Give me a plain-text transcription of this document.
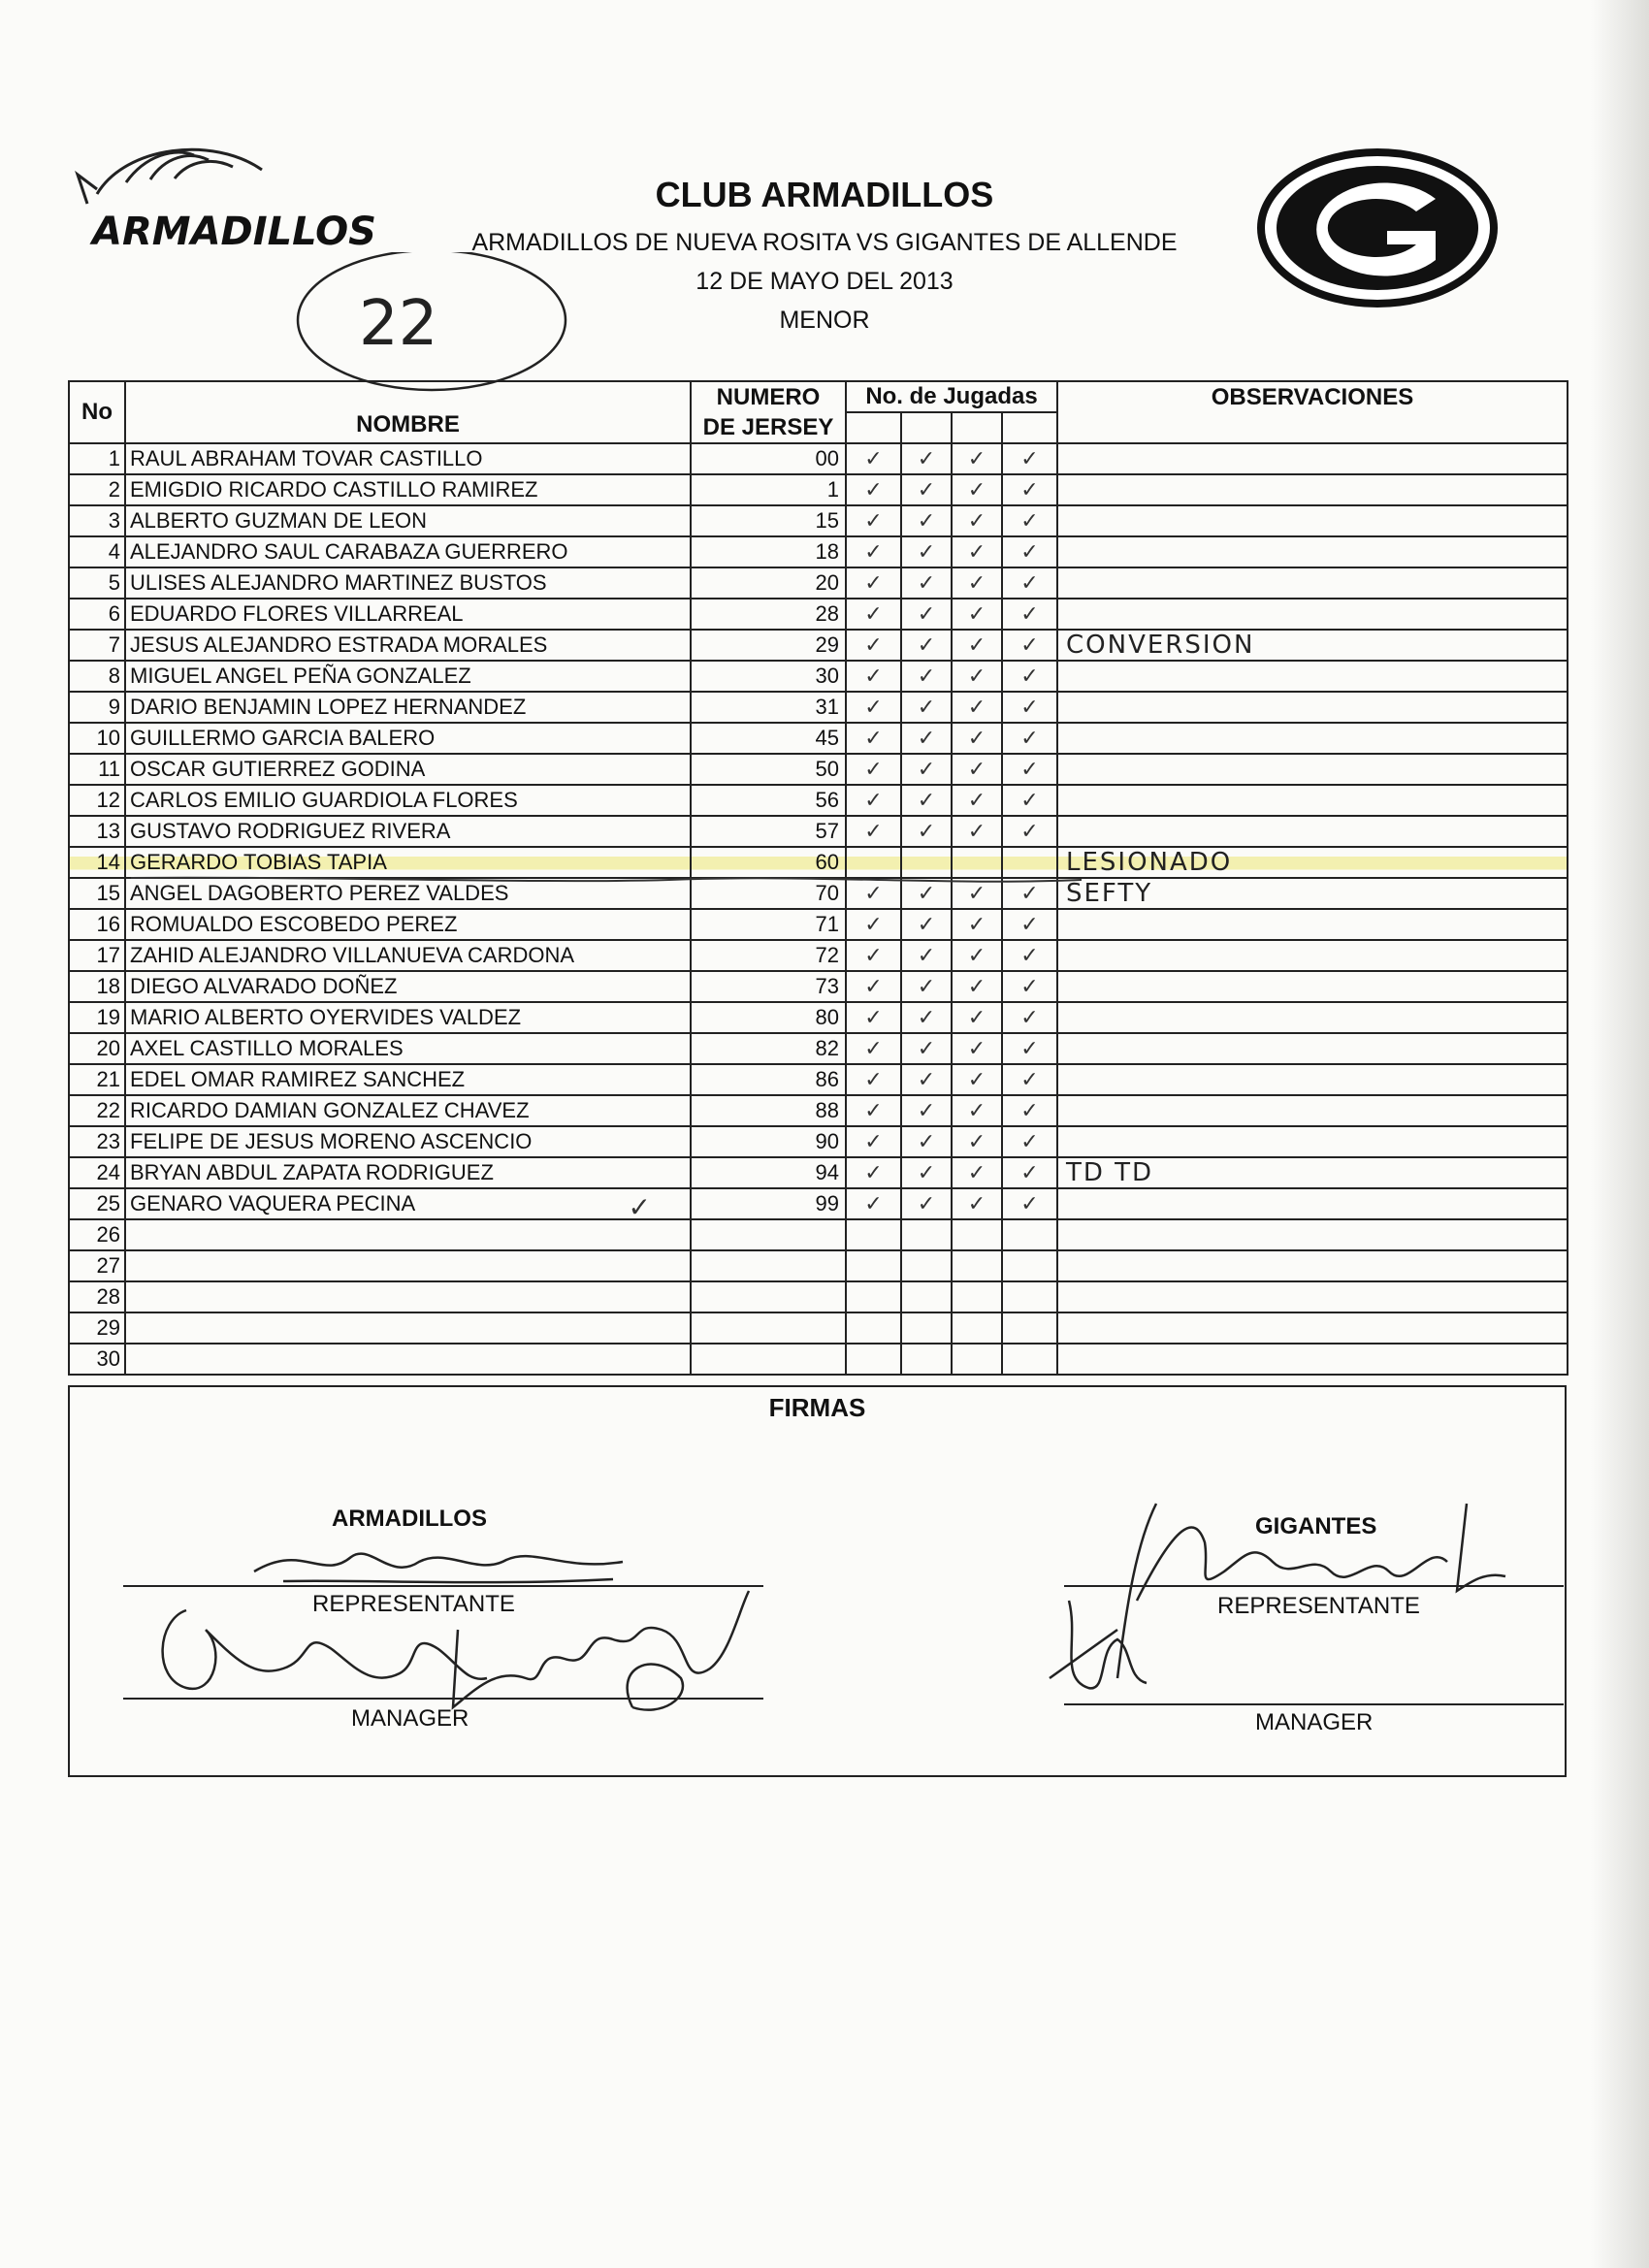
ARMADILLOS
G
CLUB ARMADILLOS
ARMADILLOS DE NUEVA ROSITA VS GIGANTES DE ALLENDE
12 DE MAYO DEL 2013
MENOR
22
No	NOMBRE	NUMERO	No. de Jugadas				OBSERVACIONES
		DE JERSEY					
1	RAUL ABRAHAM TOVAR CASTILLO	00	✓	✓	✓	✓	
2	EMIGDIO RICARDO CASTILLO RAMIREZ	1	✓	✓	✓	✓	
3	ALBERTO GUZMAN DE LEON	15	✓	✓	✓	✓	
4	ALEJANDRO SAUL CARABAZA GUERRERO	18	✓	✓	✓	✓	
5	ULISES ALEJANDRO MARTINEZ BUSTOS	20	✓	✓	✓	✓	
6	EDUARDO FLORES VILLARREAL	28	✓	✓	✓	✓	
7	JESUS ALEJANDRO ESTRADA MORALES	29	✓	✓	✓	✓	CONVERSION
8	MIGUEL ANGEL PEÑA GONZALEZ	30	✓	✓	✓	✓	
9	DARIO BENJAMIN LOPEZ HERNANDEZ	31	✓	✓	✓	✓	
10	GUILLERMO GARCIA BALERO	45	✓	✓	✓	✓	
11	OSCAR GUTIERREZ GODINA	50	✓	✓	✓	✓	
12	CARLOS EMILIO GUARDIOLA FLORES	56	✓	✓	✓	✓	
13	GUSTAVO RODRIGUEZ RIVERA	57	✓	✓	✓	✓	
14	GERARDO TOBIAS TAPIA	60					LESIONADO
15	ANGEL DAGOBERTO PEREZ VALDES	70	✓	✓	✓	✓	SEFTY
16	ROMUALDO ESCOBEDO PEREZ	71	✓	✓	✓	✓	
17	ZAHID ALEJANDRO VILLANUEVA CARDONA	72	✓	✓	✓	✓	
18	DIEGO ALVARADO DOÑEZ	73	✓	✓	✓	✓	
19	MARIO ALBERTO OYERVIDES VALDEZ	80	✓	✓	✓	✓	
20	AXEL CASTILLO MORALES	82	✓	✓	✓	✓	
21	EDEL OMAR RAMIREZ SANCHEZ	86	✓	✓	✓	✓	
22	RICARDO DAMIAN GONZALEZ CHAVEZ	88	✓	✓	✓	✓	
23	FELIPE DE JESUS MORENO ASCENCIO	90	✓	✓	✓	✓	
24	BRYAN ABDUL ZAPATA RODRIGUEZ	94	✓	✓	✓	✓	TD TD
25	GENARO VAQUERA PECINA ✓	99	✓	✓	✓	✓	
26							
27							
28							
29							
30							
FIRMAS
ARMADILLOS
REPRESENTANTE
MANAGER
GIGANTES
REPRESENTANTE
MANAGER
